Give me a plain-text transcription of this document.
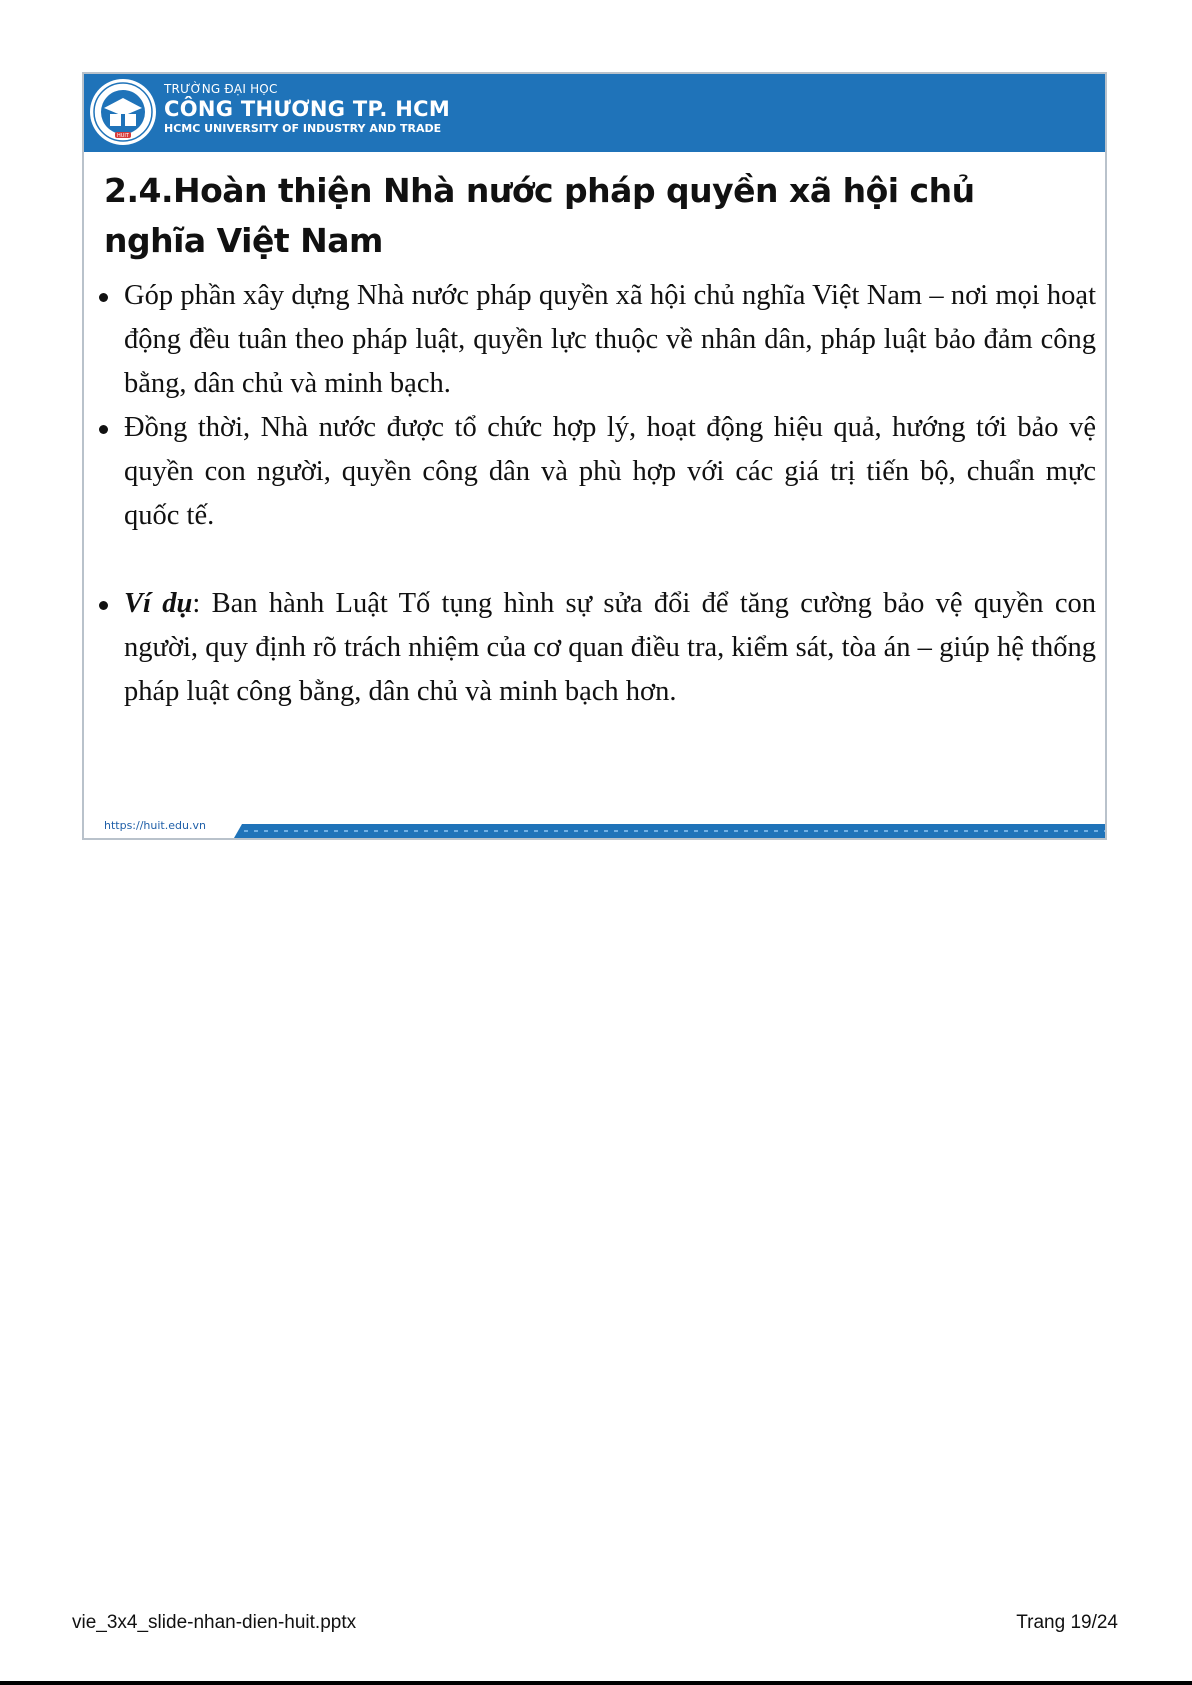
HUIT
TRƯỜNG ĐẠI HỌC
CÔNG THƯƠNG TP. HCM
HCMC UNIVERSITY OF INDUSTRY AND TRADE
2.4.Hoàn thiện Nhà nước pháp quyền xã hội chủ nghĩa Việt Nam
Góp phần xây dựng Nhà nước pháp quyền xã hội chủ nghĩa Việt Nam – nơi mọi hoạt động đều tuân theo pháp luật, quyền lực thuộc về nhân dân, pháp luật bảo đảm công bằng, dân chủ và minh bạch.
Đồng thời, Nhà nước được tổ chức hợp lý, hoạt động hiệu quả, hướng tới bảo vệ quyền con người, quyền công dân và phù hợp với các giá trị tiến bộ, chuẩn mực quốc tế.
Ví dụ: Ban hành Luật Tố tụng hình sự sửa đổi để tăng cường bảo vệ quyền con người, quy định rõ trách nhiệm của cơ quan điều tra, kiểm sát, tòa án – giúp hệ thống pháp luật công bằng, dân chủ và minh bạch hơn.
https://huit.edu.vn
vie_3x4_slide-nhan-dien-huit.pptx	Trang 19/24
